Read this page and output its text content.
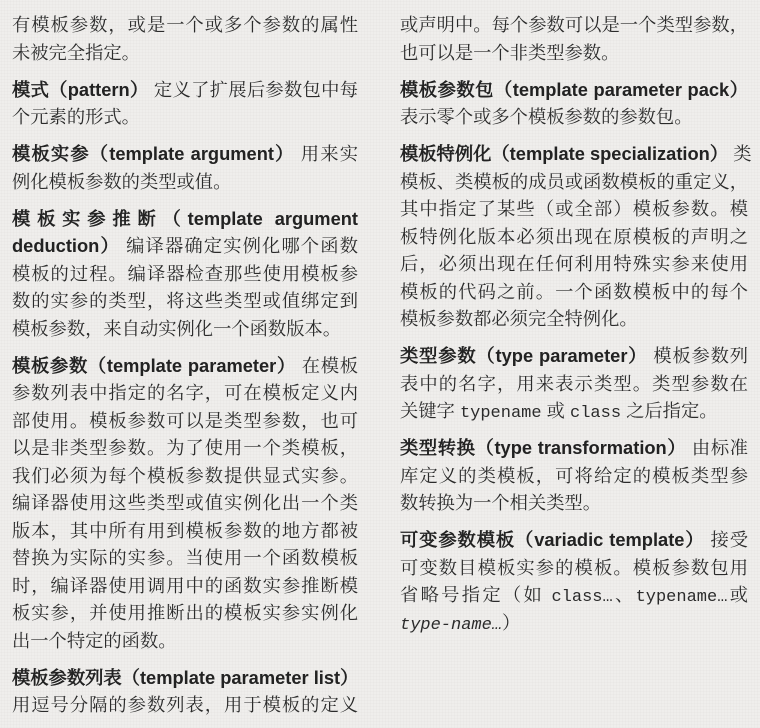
有模板参数，或是一个或多个参数的属性
未被完全指定。
模式（pattern） 定义了扩展后参数包中每
个元素的形式。
模板实参（template argument） 用来实
例化模板参数的类型或值。
模板实参推断（template argument
deduction） 编译器确定实例化哪个函数
模板的过程。编译器检查那些使用模板参
数的实参的类型，将这些类型或值绑定到
模板参数，来自动实例化一个函数版本。
模板参数（template parameter） 在模板
参数列表中指定的名字，可在模板定义内
部使用。模板参数可以是类型参数，也可
以是非类型参数。为了使用一个类模板，
我们必须为每个模板参数提供显式实参。
编译器使用这些类型或值实例化出一个类
版本，其中所有用到模板参数的地方都被
替换为实际的实参。当使用一个函数模板
时，编译器使用调用中的函数实参推断模
板实参，并使用推断出的模板实参实例化
出一个特定的函数。
模板参数列表（template parameter list）
用逗号分隔的参数列表，用于模板的定义
或声明中。每个参数可以是一个类型参数，
也可以是一个非类型参数。
模板参数包（template parameter pack）
表示零个或多个模板参数的参数包。
模板特例化（template specialization） 类
模板、类模板的成员或函数模板的重定义，
其中指定了某些（或全部）模板参数。模
板特例化版本必须出现在原模板的声明之
后，必须出现在任何利用特殊实参来使用
模板的代码之前。一个函数模板中的每个
模板参数都必须完全特例化。
类型参数（type parameter） 模板参数列
表中的名字，用来表示类型。类型参数在
关键字 typename 或 class 之后指定。
类型转换（type transformation） 由标准
库定义的类模板，可将给定的模板类型参
数转换为一个相关类型。
可变参数模板（variadic template） 接受
可变数目模板实参的模板。模板参数包用
省略号指定（如 class…、typename…或
type-name…）
